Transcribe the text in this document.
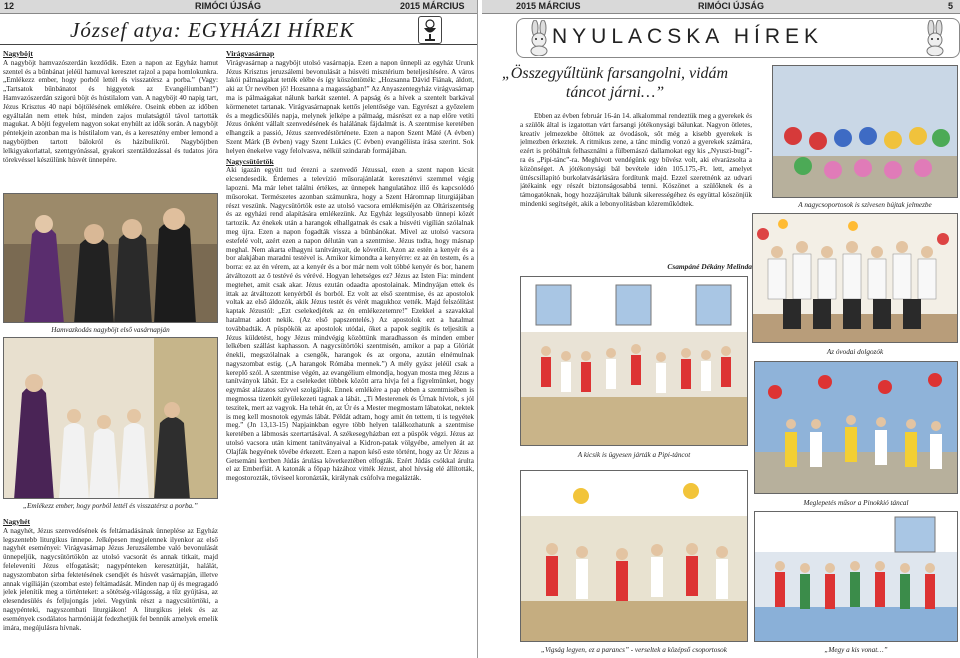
12	RIMÓCI ÚJSÁG	2015 MÁRCIUS
József atya: EGYHÁZI HÍREK
Nagyböjt

A nagyböjt hamvazószerdán kezdődik. Ezen a napon az Egyház hamut szentel és a bűnbánat jeléül hamuval keresztet rajzol a papa homlokunkra. „Emlékezz ember, hogy porból lettél és visszatérsz a porba.” (Vagy: „Tartsatok bűnbánatot és higgyetek az Evangéliumban!”) Hamvazószerdán szigorú böjt és hústilalom van. A nagyböjt 40 napig tart, Jézus Krisztus 40 napi böjtölésének emlékére. Oseink ebben az időben egyáltalán nem ettek húst, minden zajos mulatságtól távol tartották magukat. A böjti fegyelem nagyon sokat enyhült az idők során. A nagyböjt péntekjein azonban ma is hústilalom van, és a keresztény ember lemond a nagyböjtben tartott bálokról és házibulikról. Nagyböjtben lelkigyakorlattal, szentgyónással, gyakori szentáldozással és tudatos jóra törekvéssel készülünk húsvét ünnepére.

Hamvazkodás nagyböjt első vasárnapján
„Emlékezz ember, hogy porból lettél és visszatérsz a porba.”
Nagyhét

A nagyhét, Jézus szenvedésének és feltámadásának ünneplése az Egyház legszentebb liturgikus ünnepe. Jelképesen megjelennek ilyenkor az első nagyhét eseményei: Virágvasárnap Jézus Jeruzsálembe való bevonulását ünnepeljük, nagycsütörtökön az utolsó vacsorát és annak titkait, majd feleleveníti Jézus elfogatását; nagypénteken keresztútját, halálát, nagyszombaton sírba fektetésének csendjét és húsvét vasárnapján, illetve annak vigíliáján (szombat este) feltámadását. Minden nap új és megragadó jelek jelenítik meg a történteket: a sötétség-világosság, a tűz gyújtása, az elesendesülés és feljujongás jelei. Vegyünk részt a nagycsütörtöki, a nagypénteki, nagyszombati liturgiákon! A liturgikus jelek és az események csodálatos harmóniáját fedezhetjük fel bennük amelyek emelik imára, megújulásra hívnak.

Virágvasárnap

Virágvasárnap a nagyböjt utolsó vasárnapja. Ezen a napon ünnepli az egyház Urunk Jézus Krisztus jeruzsálemi bevonulását a húsvéti misztérium beteljesítésére. A város lakói pálmaágakat tették elébe és így köszöntötték: „Hozsanna Dávid Fiának, áldott, aki az Úr nevében jő! Hozsanna a magasságban!” Az Anyaszentegyház virágvasárnap ma is pálmaágakat nálunk barkát szentel. A papság és a hívek a szentelt barkával körmenetet tartanak. Virágvasárnapnak kettős jelentősége van. Egyrészt a győzelem és a megdicsőülés napja, melynek jelképe a pálmaág, másrészt ez a nap előre vetíti Jézus önként vállalt szenvedésének és halálának fájdalmát is. A szentmise keretében elhangzik a passió, Jézus szenvedéstörténete. Ezen a napon Szent Máté (A évben) Szent Márk (B évben) vagy Szent Lukács (C évben) evangéliista írása szerint. Sok helyen énekelve vagy felolvasva, nélkül szindarab formájában.

Nagycsütörtök

Aki igazán együtt tud érezni a szenvedő Jézussal, ezen a szent napon kicsit elcsendesedik. Érdemes a televízió műsorajánlatát kereszténvi szemmel végig lapozni. Ma már lehet találni értékes, az ünnepek hangulatához illő és kapcsolódó műsorokat. Természetes azonban számunkra, hogy a Szent Háromnap liturgiájában részt veszünk. Nagycsütörtök este az utolsó vacsora emlékmiséjén az Oltáriszentség és az egyházi rend alapítására emlékezünk. Az Egyház legsúlyosabb ünnepi közét tartozik. Az énekek után a harangok elhallgatnak és csak a húsvéti vigílián szólalnak meg újra. Ezen a napon fogadták vissza a bűnbánókat. Mivel az utolsó vacsora estefelé volt, azért ezen a napon délután van a szentmise. Jézus tudta, hogy másnap meghal. Nem akarta elhagyni tanítványait, de követőit. Azon az estén a kenyér és a bor alakjában maradni testével is. Amikor kimondta a kenyérre: ez az én testem, és a borra: ez az én vérem, az a kenyér és a bor már nem volt többé kenyér és bor, hanem átváltozott az ő testévé és vérévé. Hogyan lehetséges ez? Jézus az Isten Fia: mindent megtehet, amit csak akar. Jézus ezután odaadta apostolainak. Mindnyájan ettek és ittak az átváltozott kenyérből és borból. Ez volt az első szentmise, és az apostolok voltak az első áldozók, akik Jézus testét és vérét magukhoz vették. Majd felszólítást kaptak Jézustól: „Ezt cselekedjétek az én emlékezetemre!” Ezekkel a szavakkal hatalmat adott nekik. (Az első papszentelés.) Az apostolok ezt a hatalmat továbbadták. A püspökök az apostolok utódai, őket a papok segítik és teljesítik a Jézus küldetést, hogy Jézus mindvégig közöttünk maradhasson és minden ember lelkében szállást kaphasson. A nagycsütörtöki szentmisén, amikor a pap a Glóriát énekli, megszólalnak a csengők, harangok és az orgona, azután elnémulnak nagyszombat estig. („A harangok Rómába mennek.”) A mély gyász jeléül csak a kereplő szól. A szentmise végén, az evangélium elmondja, hogyan mosta meg Jézus a tanítványok lábát. Ez a cselekedet többek között arra hívja fel a figyelmünket, hogy egymást alázatos szívvel szolgáljuk. Ennek emlékére a pap ebben a szentmisében is megmossa tizenkét gyülekezeti tagnak a lábát. „Ti Mesterenek és Úrnak hívtok, s jól teszitek, mert az vagyok. Ha tehát én, az Úr és a Mester megmostam lábatokat, nektek is meg kell mosnotok egymás lábát. Példát adtam, hogy amit én tettem, ti is tegyétek meg.” (Jn 13,13-15) Napjainkban egyre több helyen találkozhatunk a szentmise keretében a lábmosás szertartásával. A székesegyházban ezt a püspök végzi. Jézus az utolsó vacsora után kiment tanítványaival a Kidron-patak völgyébe, amelyen át az Olajfák hegyének tövébe érkezett. Ezen a napon késő este történt, hogy az Úr Jézus a Getsemáni kertben Júdás árulása következtében elfogták. Ezért Júdás csókkal árulta el az Emberfiát. A katonák a főpap házához vitték Jézust, ahol hívság elé állították, megostorozták, töviseel koronázták, királynak csúfolva megalázták.

2015 MÁRCIUS	RIMÓCI ÚJSÁG	5
NYULACSKA HÍREK
„Összegyűltünk farsangolni, vidám táncot járni…”

Ebben az évben február 16-án 14. alkalommal rendeztük meg a gyerekek és a szülők által is izgatottan várt farsangi jótékonysági bálunkat. Nagyon ötletes, kreatív jelmezekbe öltöttek az óvodások, sőt még a kisebb gyerekek is jelmezben érkeztek. A ritmikus zene, a tánc mindig vonzó a gyerekek számára, ezért is próbáltuk felhasználni a fülbemászó dallamokat egy kis „Nyuszi-bugi”-ra és „Pipi-tánc”-ra. Meghívott vendégünk egy bűvész volt, aki elvarázsolta a közönséget. A jótékonysági bál bevétele idén 105.175,-Ft. lett, amelyet üttéscsillapító burkolatvásárlására fordítunk majd. Ezzel szeretnénk az udvari játékaink egy részét biztonságosabbá tenni. Köszönet a szülőknek és a támogatóknak, hogy hozzájárultak bálunk sikerességéhez és együttal köszönjük mindenki segítségét, akik a lebonyolításban közreműködtek.

Csampáné Dékány Melinda
A nagycsoportosok is szívesen bújtak jelmezbe
Az óvodai dolgozók
A kicsik is ügyesen járták a Pipi-táncot
Meglepetés műsor a Pinokkió táncal
„Vigság legyen, ez a parancs” - verseltek a középső csoportosok	„Megy a kis vonat…”
